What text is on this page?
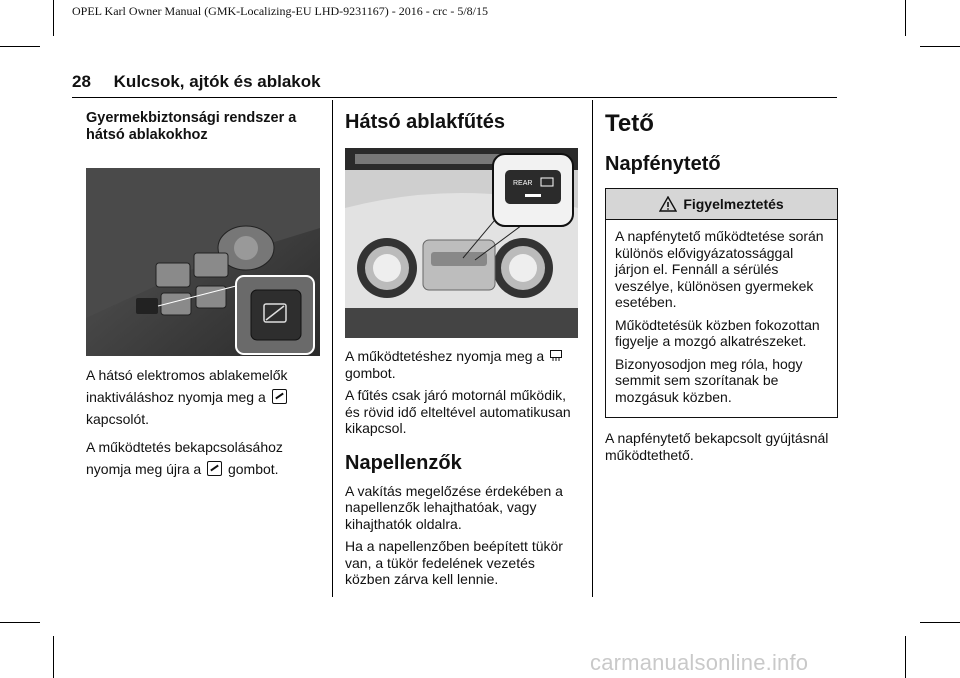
OPEL Karl Owner Manual (GMK-Localizing-EU LHD-9231167) - 2016 - crc - 5/8/15
28 Kulcsok, ajtók és ablakok
Gyermekbiztonsági rendszer a hátsó ablakokhoz

A hátsó elektromos ablakemelők inaktiváláshoz nyomja meg a  kapcsolót.

A működtetés bekapcsolásához nyomja meg újra a gombot.

Hátsó ablakfűtés
REAR

A működtetéshez nyomja meg a
gombot.

A fűtés csak járó motornál működik, és rövid idő elteltével automatikusan kikapcsol.

Napellenzők

A vakítás megelőzése érdekében a napellenzők lehajthatóak, vagy kihajthatók oldalra.

Ha a napellenzőben beépített tükör van, a tükör fedelének vezetés közben zárva kell lennie.

Tető
Napfénytető
Figyelmeztetés

A napfénytető működtetése során különös elővigyázatossággal járjon el. Fennáll a sérülés veszélye, különösen gyermekek esetében.

Működtetésük közben fokozottan figyelje a mozgó alkatrészeket.

Bizonyosodjon meg róla, hogy semmit sem szorítanak be mozgásuk közben.

A napfénytető bekapcsolt gyújtásnál működtethető.

carmanualsonline.info
